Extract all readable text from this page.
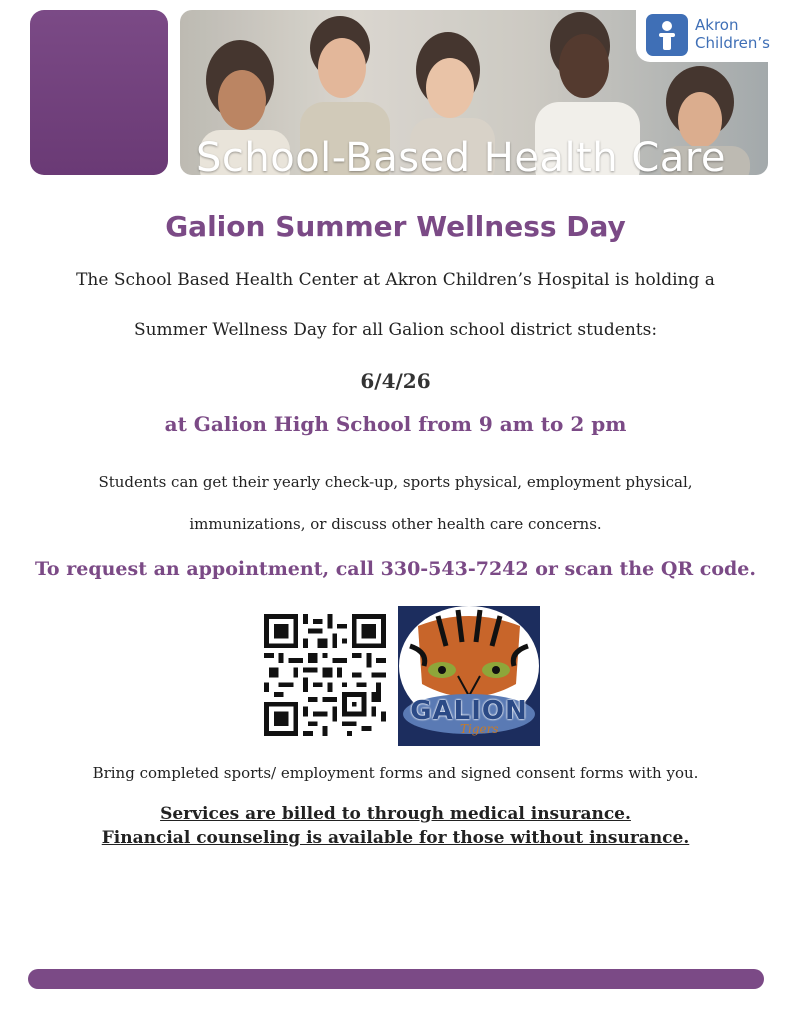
School-Based Health Care
Akron
Children’s
Galion Summer Wellness Day
The School Based Health Center at Akron Children’s Hospital is holding a
Summer Wellness Day for all Galion school district students:
6/4/26
at Galion High School from 9 am to 2 pm
Students can get their yearly check-up, sports physical, employment physical,
immunizations, or discuss other health care concerns.
To request an appointment, call 330-543-7242 or scan the QR code.
GALION
Tigers
Bring completed sports/ employment forms and signed consent forms with you.
Services are billed to through medical insurance.
Financial counseling is available for those without insurance.
